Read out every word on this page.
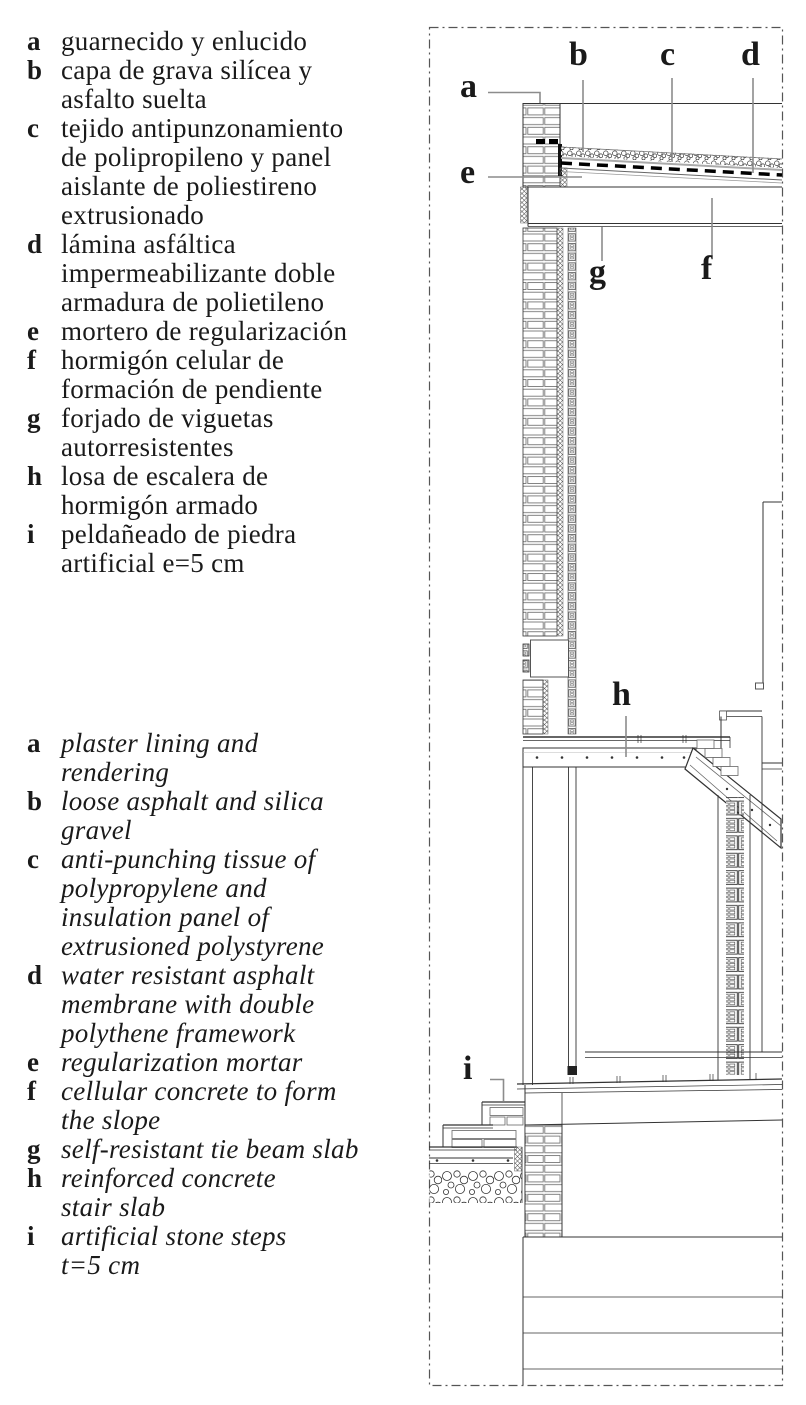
a guarnecido y enlucido
b capa de grava silícea y
asfalto suelta
c tejido antipunzonamiento
de polipropileno y panel
aislante de poliestireno
extrusionado
d lámina asfáltica
impermeabilizante doble
armadura de polietileno
e mortero de regularización
f hormigón celular de
formación de pendiente
g forjado de viguetas
autorresistentes
h losa de escalera de
hormigón armado
i peldañeado de piedra
artificial e=5 cm
a plaster lining and
rendering
b loose asphalt and silica
gravel
c anti-punching tissue of
polypropylene and
insulation panel of
extrusioned polystyrene
d water resistant asphalt
membrane with double
polythene framework
e regularization mortar
f cellular concrete to form
the slope
g self-resistant tie beam slab
h reinforced concrete
stair slab
i artificial stone steps
t=5 cm
a
b c d
e
f
g
h
i
